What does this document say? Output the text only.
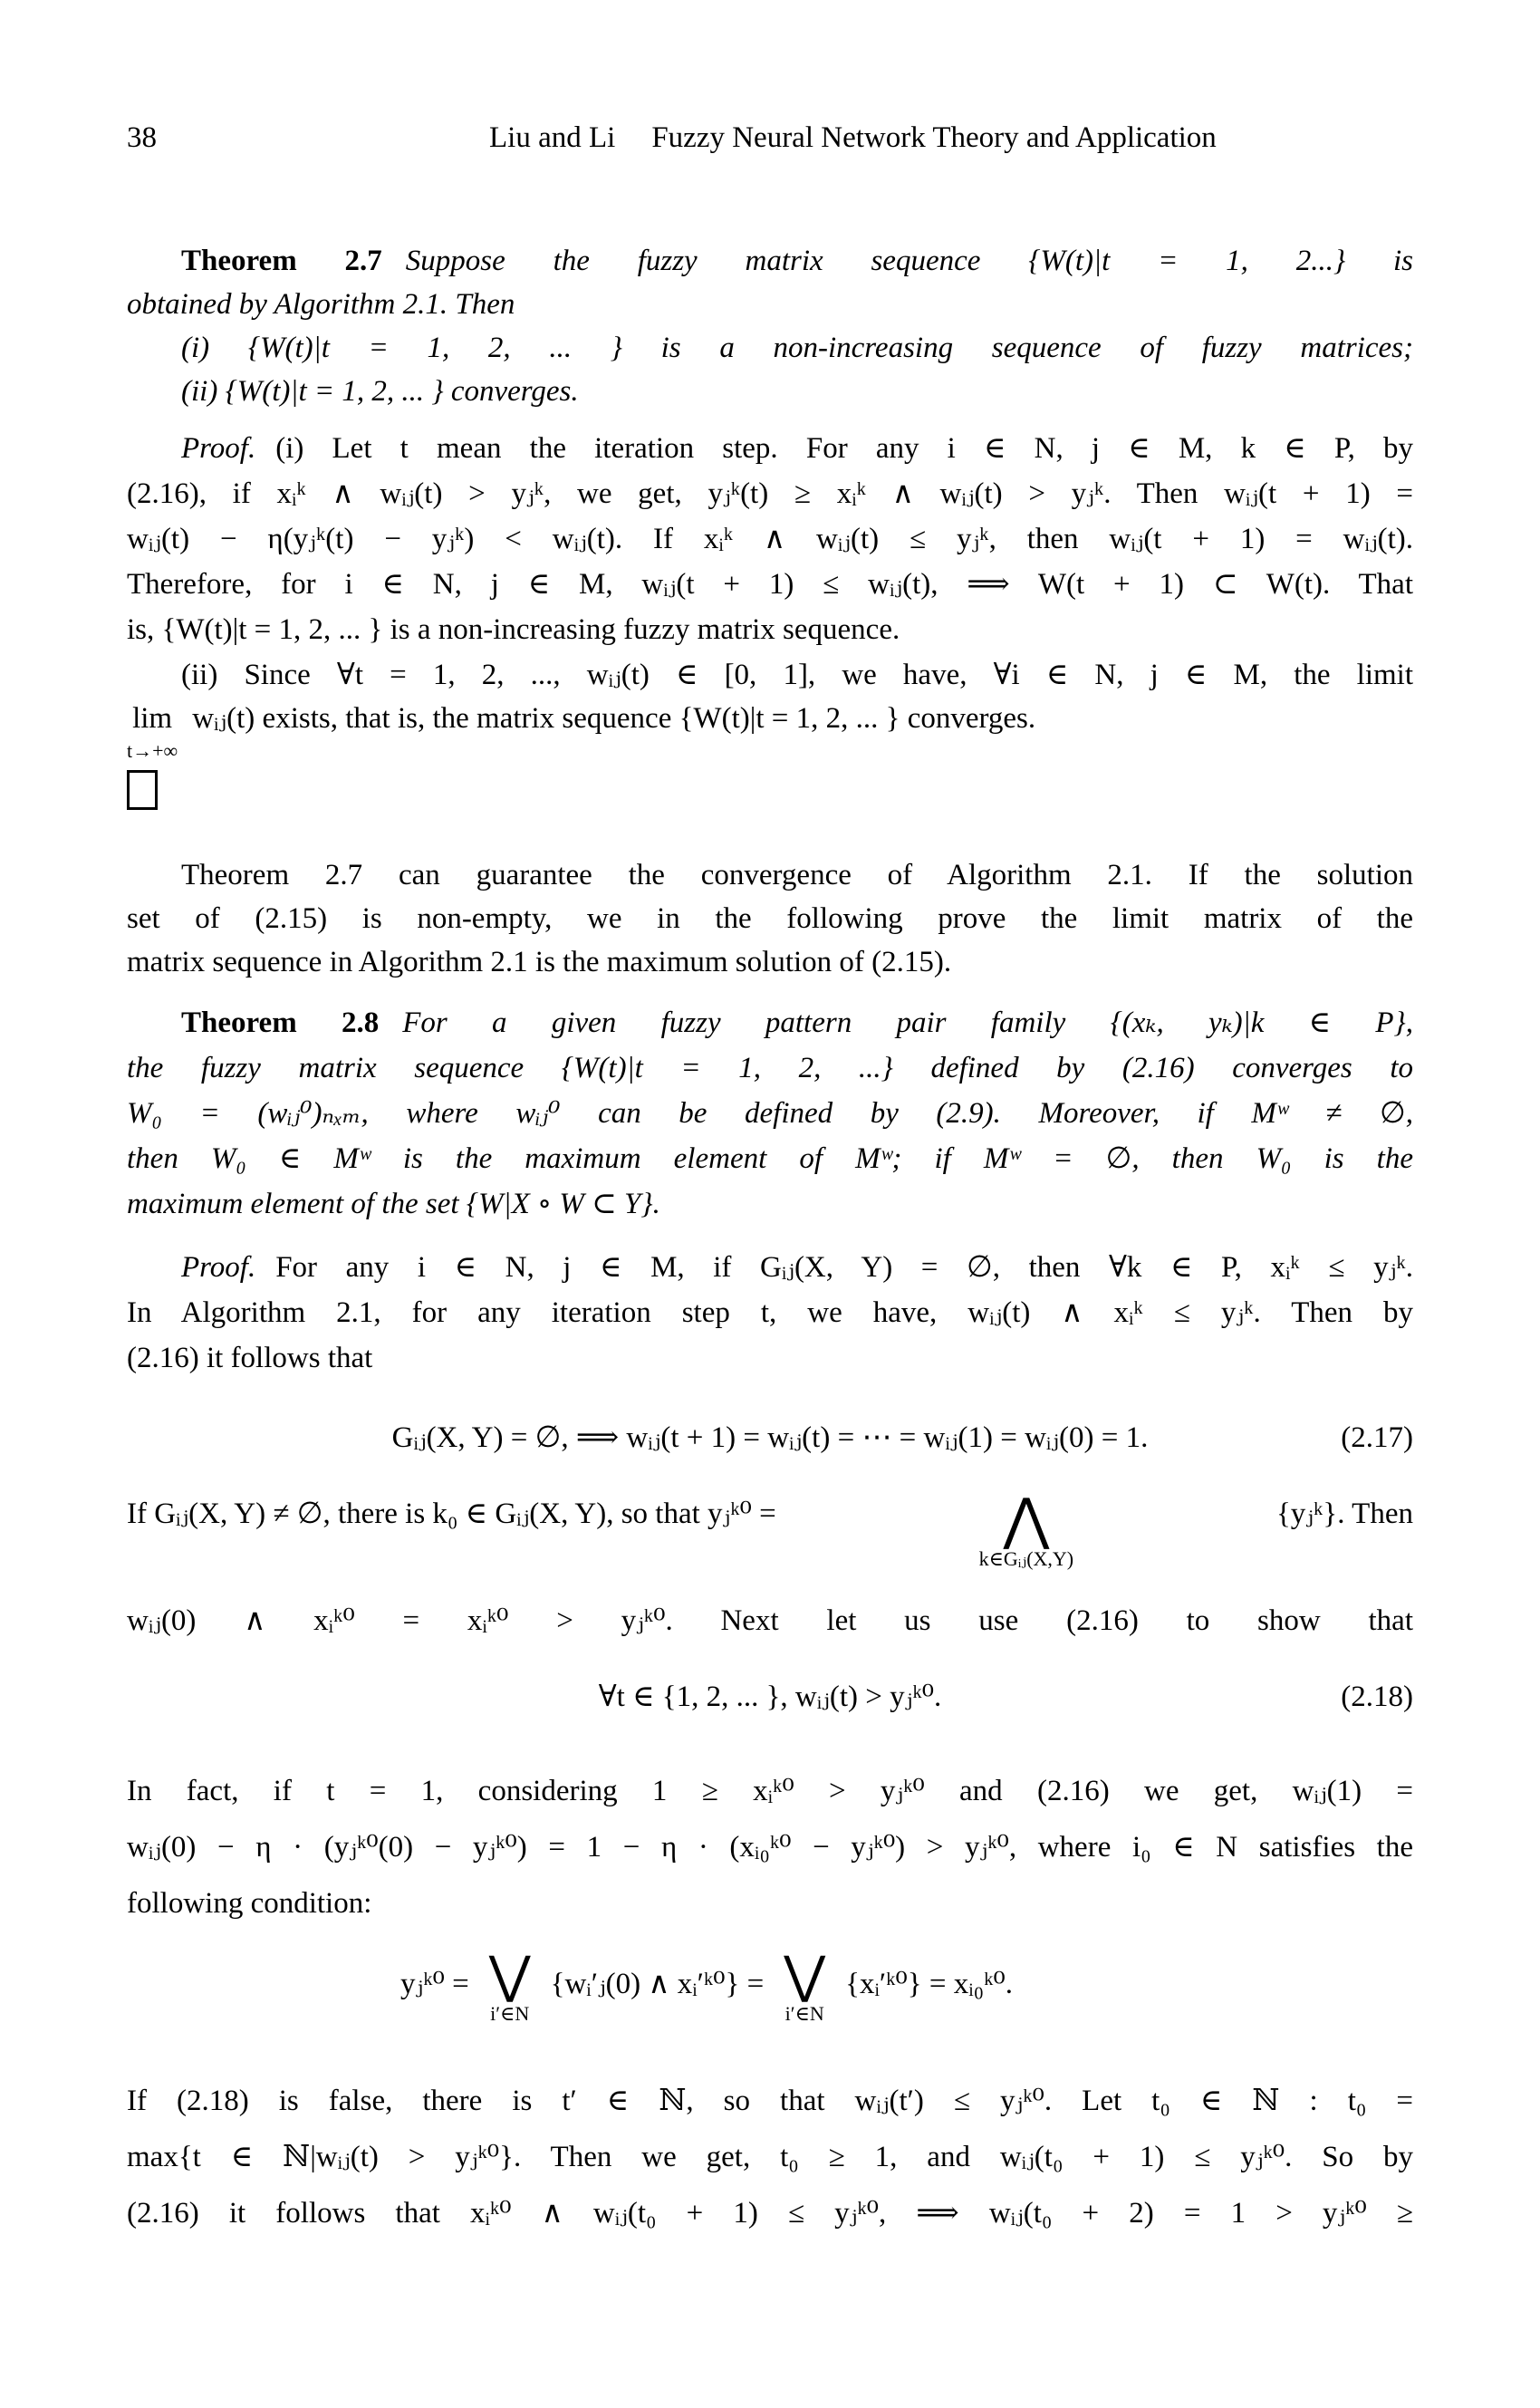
38	Liu and Li Fuzzy Neural Network Theory and Application
Theorem 2.7 Suppose the fuzzy matrix sequence {W(t)|t = 1, 2...} is
obtained by Algorithm 2.1. Then
(i) {W(t)|t = 1, 2, ... } is a non-increasing sequence of fuzzy matrices;
(ii) {W(t)|t = 1, 2, ... } converges.
Proof. (i) Let t mean the iteration step. For any i ∈ N, j ∈ M, k ∈ P, by
(2.16), if xᵢᵏ ∧ wᵢⱼ(t) > yⱼᵏ, we get, yⱼᵏ(t) ≥ xᵢᵏ ∧ wᵢⱼ(t) > yⱼᵏ. Then wᵢⱼ(t + 1) =
wᵢⱼ(t) − η(yⱼᵏ(t) − yⱼᵏ) < wᵢⱼ(t). If xᵢᵏ ∧ wᵢⱼ(t) ≤ yⱼᵏ, then wᵢⱼ(t + 1) = wᵢⱼ(t).
Therefore, for i ∈ N, j ∈ M, wᵢⱼ(t + 1) ≤ wᵢⱼ(t), ⟹ W(t + 1) ⊂ W(t). That
is, {W(t)|t = 1, 2, ... } is a non-increasing fuzzy matrix sequence.
(ii) Since ∀t = 1, 2, ..., wᵢⱼ(t) ∈ [0, 1], we have, ∀i ∈ N, j ∈ M, the limit
lim
t→+∞
wᵢⱼ(t) exists, that is, the matrix sequence {W(t)|t = 1, 2, ... } converges.
Theorem 2.7 can guarantee the convergence of Algorithm 2.1. If the solution
set of (2.15) is non-empty, we in the following prove the limit matrix of the
matrix sequence in Algorithm 2.1 is the maximum solution of (2.15).
Theorem 2.8 For a given fuzzy pattern pair family {(xₖ, yₖ)|k ∈ P},
the fuzzy matrix sequence {W(t)|t = 1, 2, ...} defined by (2.16) converges to
W₀ = (wᵢⱼ⁰)ₙₓₘ, where wᵢⱼ⁰ can be defined by (2.9). Moreover, if Mʷ ≠ ∅,
then W₀ ∈ Mʷ is the maximum element of Mʷ; if Mʷ = ∅, then W₀ is the
maximum element of the set {W|X ∘ W ⊂ Y}.
Proof. For any i ∈ N, j ∈ M, if Gᵢⱼ(X, Y) = ∅, then ∀k ∈ P, xᵢᵏ ≤ yⱼᵏ.
In Algorithm 2.1, for any iteration step t, we have, wᵢⱼ(t) ∧ xᵢᵏ ≤ yⱼᵏ. Then by
(2.16) it follows that
Gᵢⱼ(X, Y) = ∅, ⟹ wᵢⱼ(t + 1) = wᵢⱼ(t) = ⋯ = wᵢⱼ(1) = wᵢⱼ(0) = 1.	(2.17)
If Gᵢⱼ(X, Y) ≠ ∅, there is k₀ ∈ Gᵢⱼ(X, Y), so that yⱼᵏ⁰ =	⋀
k∈Gᵢⱼ(X,Y)
{yⱼᵏ}. Then
wᵢⱼ(0) ∧ xᵢᵏ⁰ = xᵢᵏ⁰ > yⱼᵏ⁰. Next let us use (2.16) to show that
∀t ∈ {1, 2, ... }, wᵢⱼ(t) > yⱼᵏ⁰.	(2.18)
In fact, if t = 1, considering 1 ≥ xᵢᵏ⁰ > yⱼᵏ⁰ and (2.16) we get, wᵢⱼ(1) =
wᵢⱼ(0) − η · (yⱼᵏ⁰(0) − yⱼᵏ⁰) = 1 − η · (xᵢ₀ᵏ⁰ − yⱼᵏ⁰) > yⱼᵏ⁰, where i₀ ∈ N satisfies the
following condition:
yⱼᵏ⁰ = ⋁
i′∈N
{wᵢ′ⱼ(0) ∧ xᵢ′ᵏ⁰} = ⋁
i′∈N
{xᵢ′ᵏ⁰} = xᵢ₀ᵏ⁰.
If (2.18) is false, there is t′ ∈ ℕ, so that wᵢⱼ(t′) ≤ yⱼᵏ⁰. Let t₀ ∈ ℕ : t₀ =
max{t ∈ ℕ|wᵢⱼ(t) > yⱼᵏ⁰}. Then we get, t₀ ≥ 1, and wᵢⱼ(t₀ + 1) ≤ yⱼᵏ⁰. So by
(2.16) it follows that xᵢᵏ⁰ ∧ wᵢⱼ(t₀ + 1) ≤ yⱼᵏ⁰, ⟹ wᵢⱼ(t₀ + 2) = 1 > yⱼᵏ⁰ ≥
